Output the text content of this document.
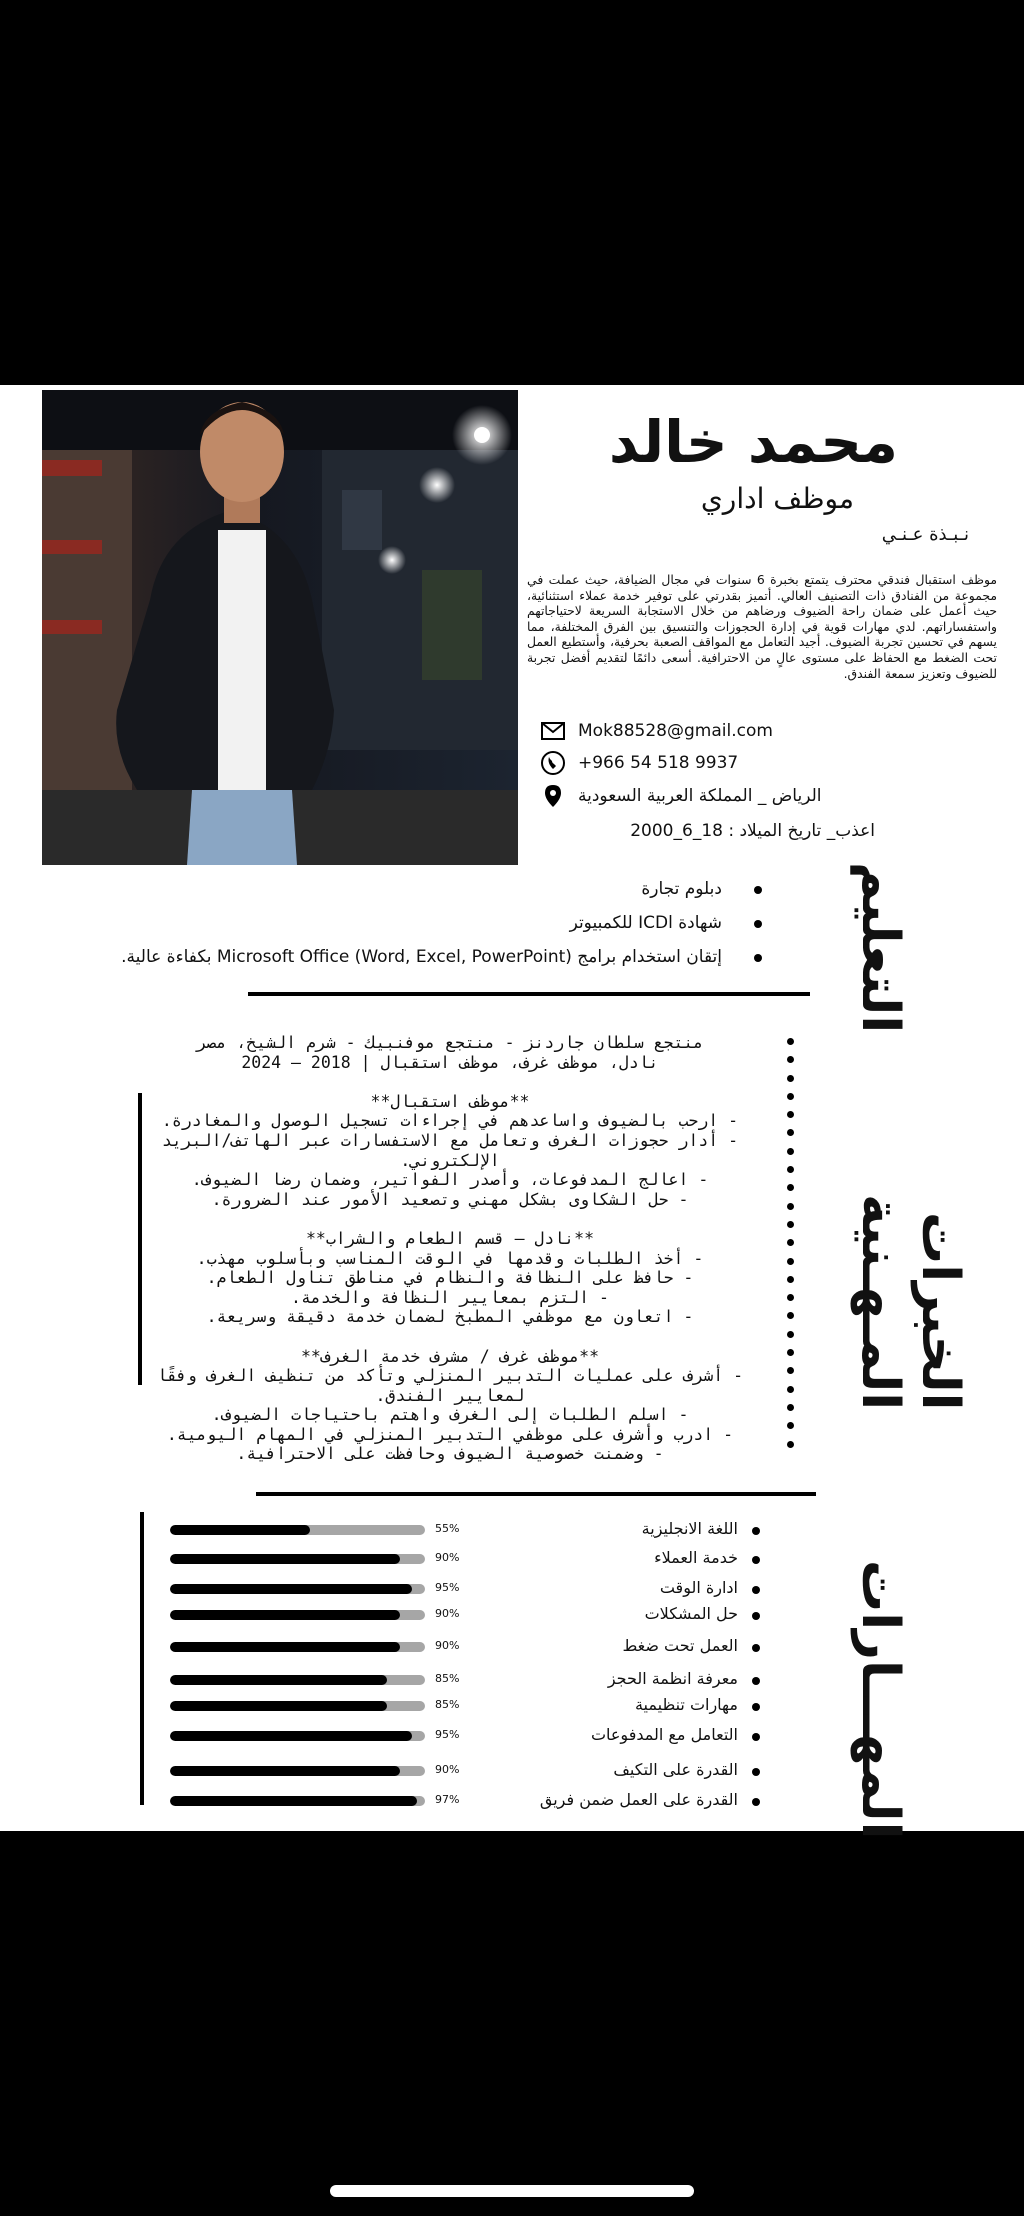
محمد خالد
موظف اداري
نـبـذة عـنـي
موظف استقبال فندقي محترف يتمتع بخبرة 6 سنوات في مجال الضيافة، حيث عملت في مجموعة من الفنادق ذات التصنيف العالي. أتميز بقدرتي على توفير خدمة عملاء استثنائية، حيث أعمل على ضمان راحة الضيوف ورضاهم من خلال الاستجابة السريعة لاحتياجاتهم واستفساراتهم. لدي مهارات قوية في إدارة الحجوزات والتنسيق بين الفرق المختلفة، مما يسهم في تحسين تجربة الضيوف. أجيد التعامل مع المواقف الصعبة بحرفية، وأستطيع العمل تحت الضغط مع الحفاظ على مستوى عالٍ من الاحترافية. أسعى دائمًا لتقديم أفضل تجربة للضيوف وتعزيز سمعة الفندق.
Mok88528@gmail.com
+966 54 518 9937
الرياض _ المملكة العربية السعودية
اعذب_ تاريخ الميلاد : 18_6_2000
التعليم
دبلوم تجارة
شهادة ICDl للكمبيوتر
إتقان استخدام برامج Microsoft Office (Word, Excel, PowerPoint) بكفاءة عالية.
الخبرات المـهـنية
منتجع سلطان جاردنز - منتجع موفنبيك - شرم الشيخ، مصر
نادل، موظف غرف، موظف استقبال | 2018 – 2024
**موظف استقبال**
- ارحب بالضيوف واساعدهم في إجراءات تسجيل الوصول والمغادرة.
- أدار حجوزات الغرف وتعامل مع الاستفسارات عبر الهاتف/البريد
الإلكتروني.
- اعالج المدفوعات، وأصدر الفواتير، وضمان رضا الضيوف.
- حل الشكاوى بشكل مهني وتصعيد الأمور عند الضرورة.
**نادل – قسم الطعام والشراب**
- أخذ الطلبات وقدمها في الوقت المناسب وبأسلوب مهذب.
- حافظ على النظافة والنظام في مناطق تناول الطعام.
- التزم بمعايير النظافة والخدمة.
- اتعاون مع موظفي المطبخ لضمان خدمة دقيقة وسريعة.
**موظف غرف / مشرف خدمة الغرف**
- أشرف على عمليات التدبير المنزلي وتأكد من تنظيف الغرف وفقًا
لمعايير الفندق.
- اسلم الطلبات إلى الغرف واهتم باحتياجات الضيوف.
- ادرب وأشرف على موظفي التدبير المنزلي في المهام اليومية.
- وضمنت خصوصية الضيوف وحافظت على الاحترافية.
المهـــارات
55%	اللغة الانجليزية
90%	خدمة العملاء
95%	ادارة الوقت
90%	حل المشكلات
90%	العمل تحت ضغط
85%	معرفة انظمة الحجز
85%	مهارات تنظيمية
95%	التعامل مع المدفوعات
90%	القدرة على التكيف
97%	القدرة على العمل ضمن فريق
